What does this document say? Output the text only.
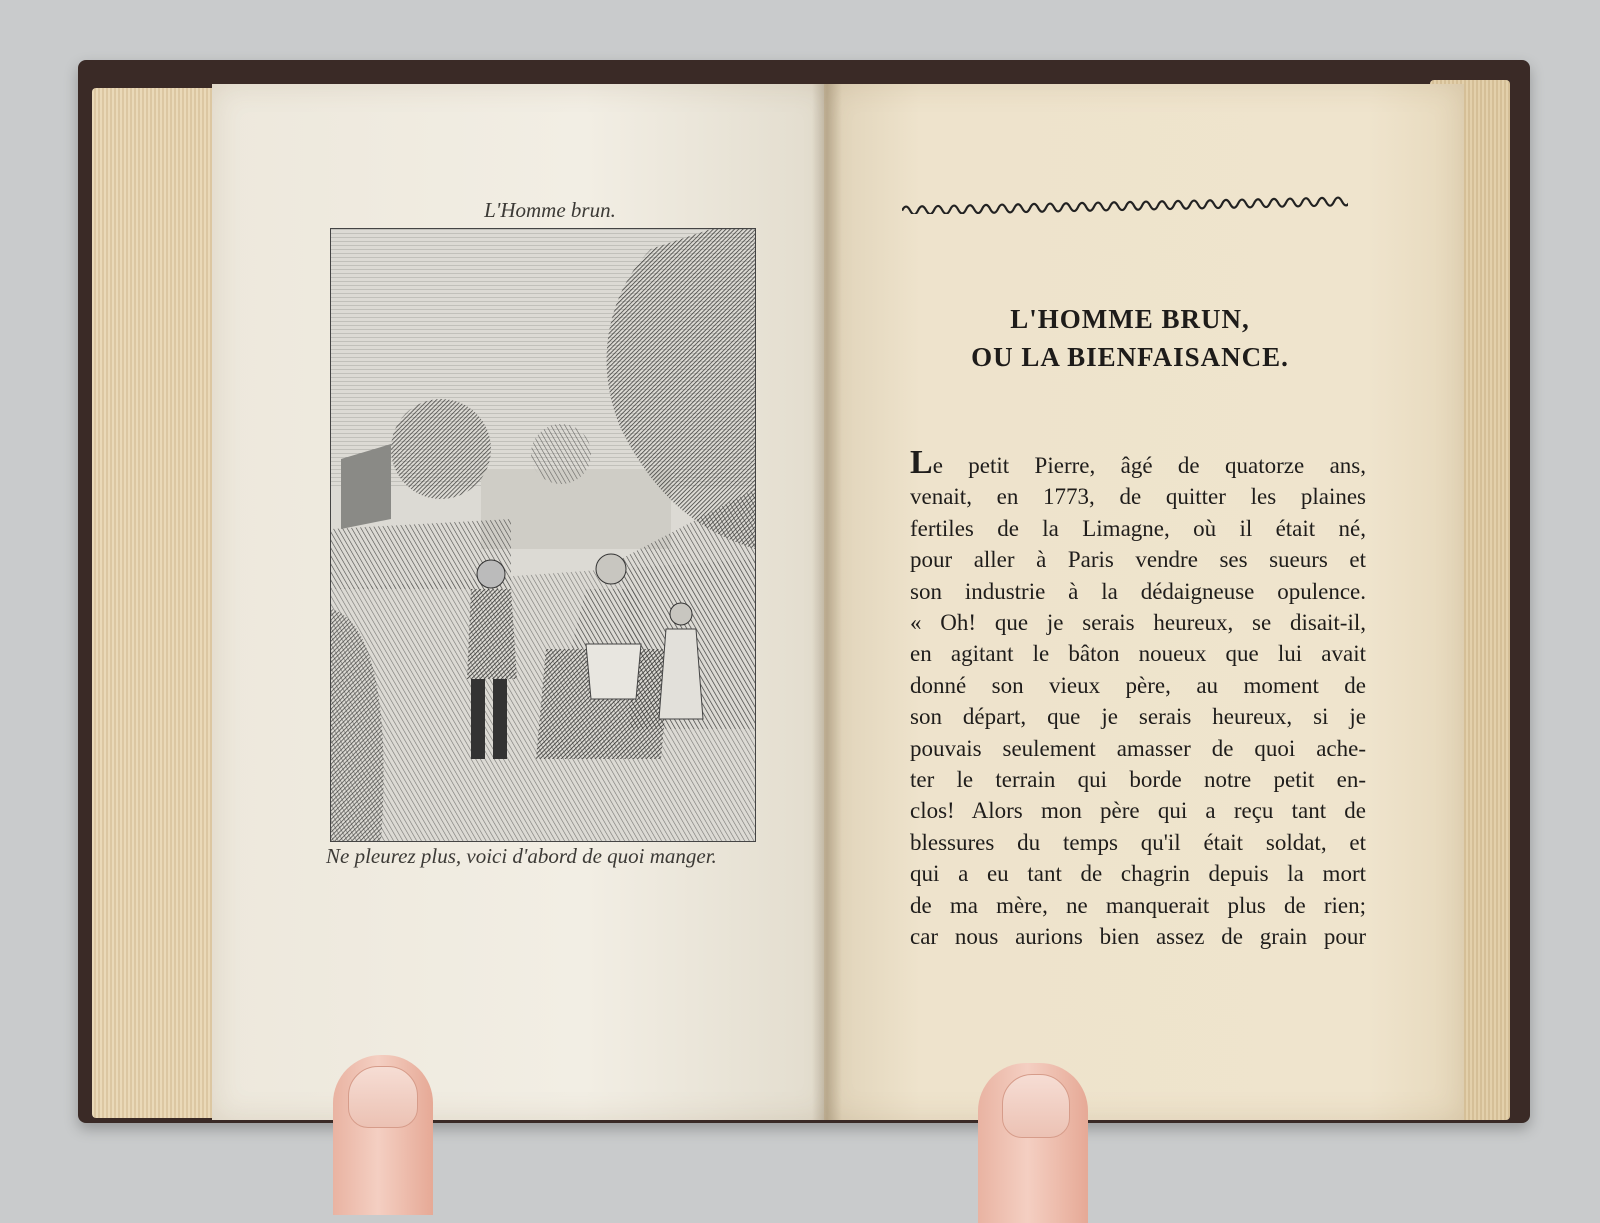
L'Homme brun.
Ne pleurez plus, voici d'abord de quoi manger.
L'HOMME BRUN,
OU LA BIENFAISANCE.
Le petit Pierre, âgé de quatorze ans,
venait, en 1773, de quitter les plaines
fertiles de la Limagne, où il était né,
pour aller à Paris vendre ses sueurs et
son industrie à la dédaigneuse opulence.
« Oh! que je serais heureux, se disait-il,
en agitant le bâton noueux que lui avait
donné son vieux père, au moment de
son départ, que je serais heureux, si je
pouvais seulement amasser de quoi ache-
ter le terrain qui borde notre petit en-
clos! Alors mon père qui a reçu tant de
blessures du temps qu'il était soldat, et
qui a eu tant de chagrin depuis la mort
de ma mère, ne manquerait plus de rien;
car nous aurions bien assez de grain pour
